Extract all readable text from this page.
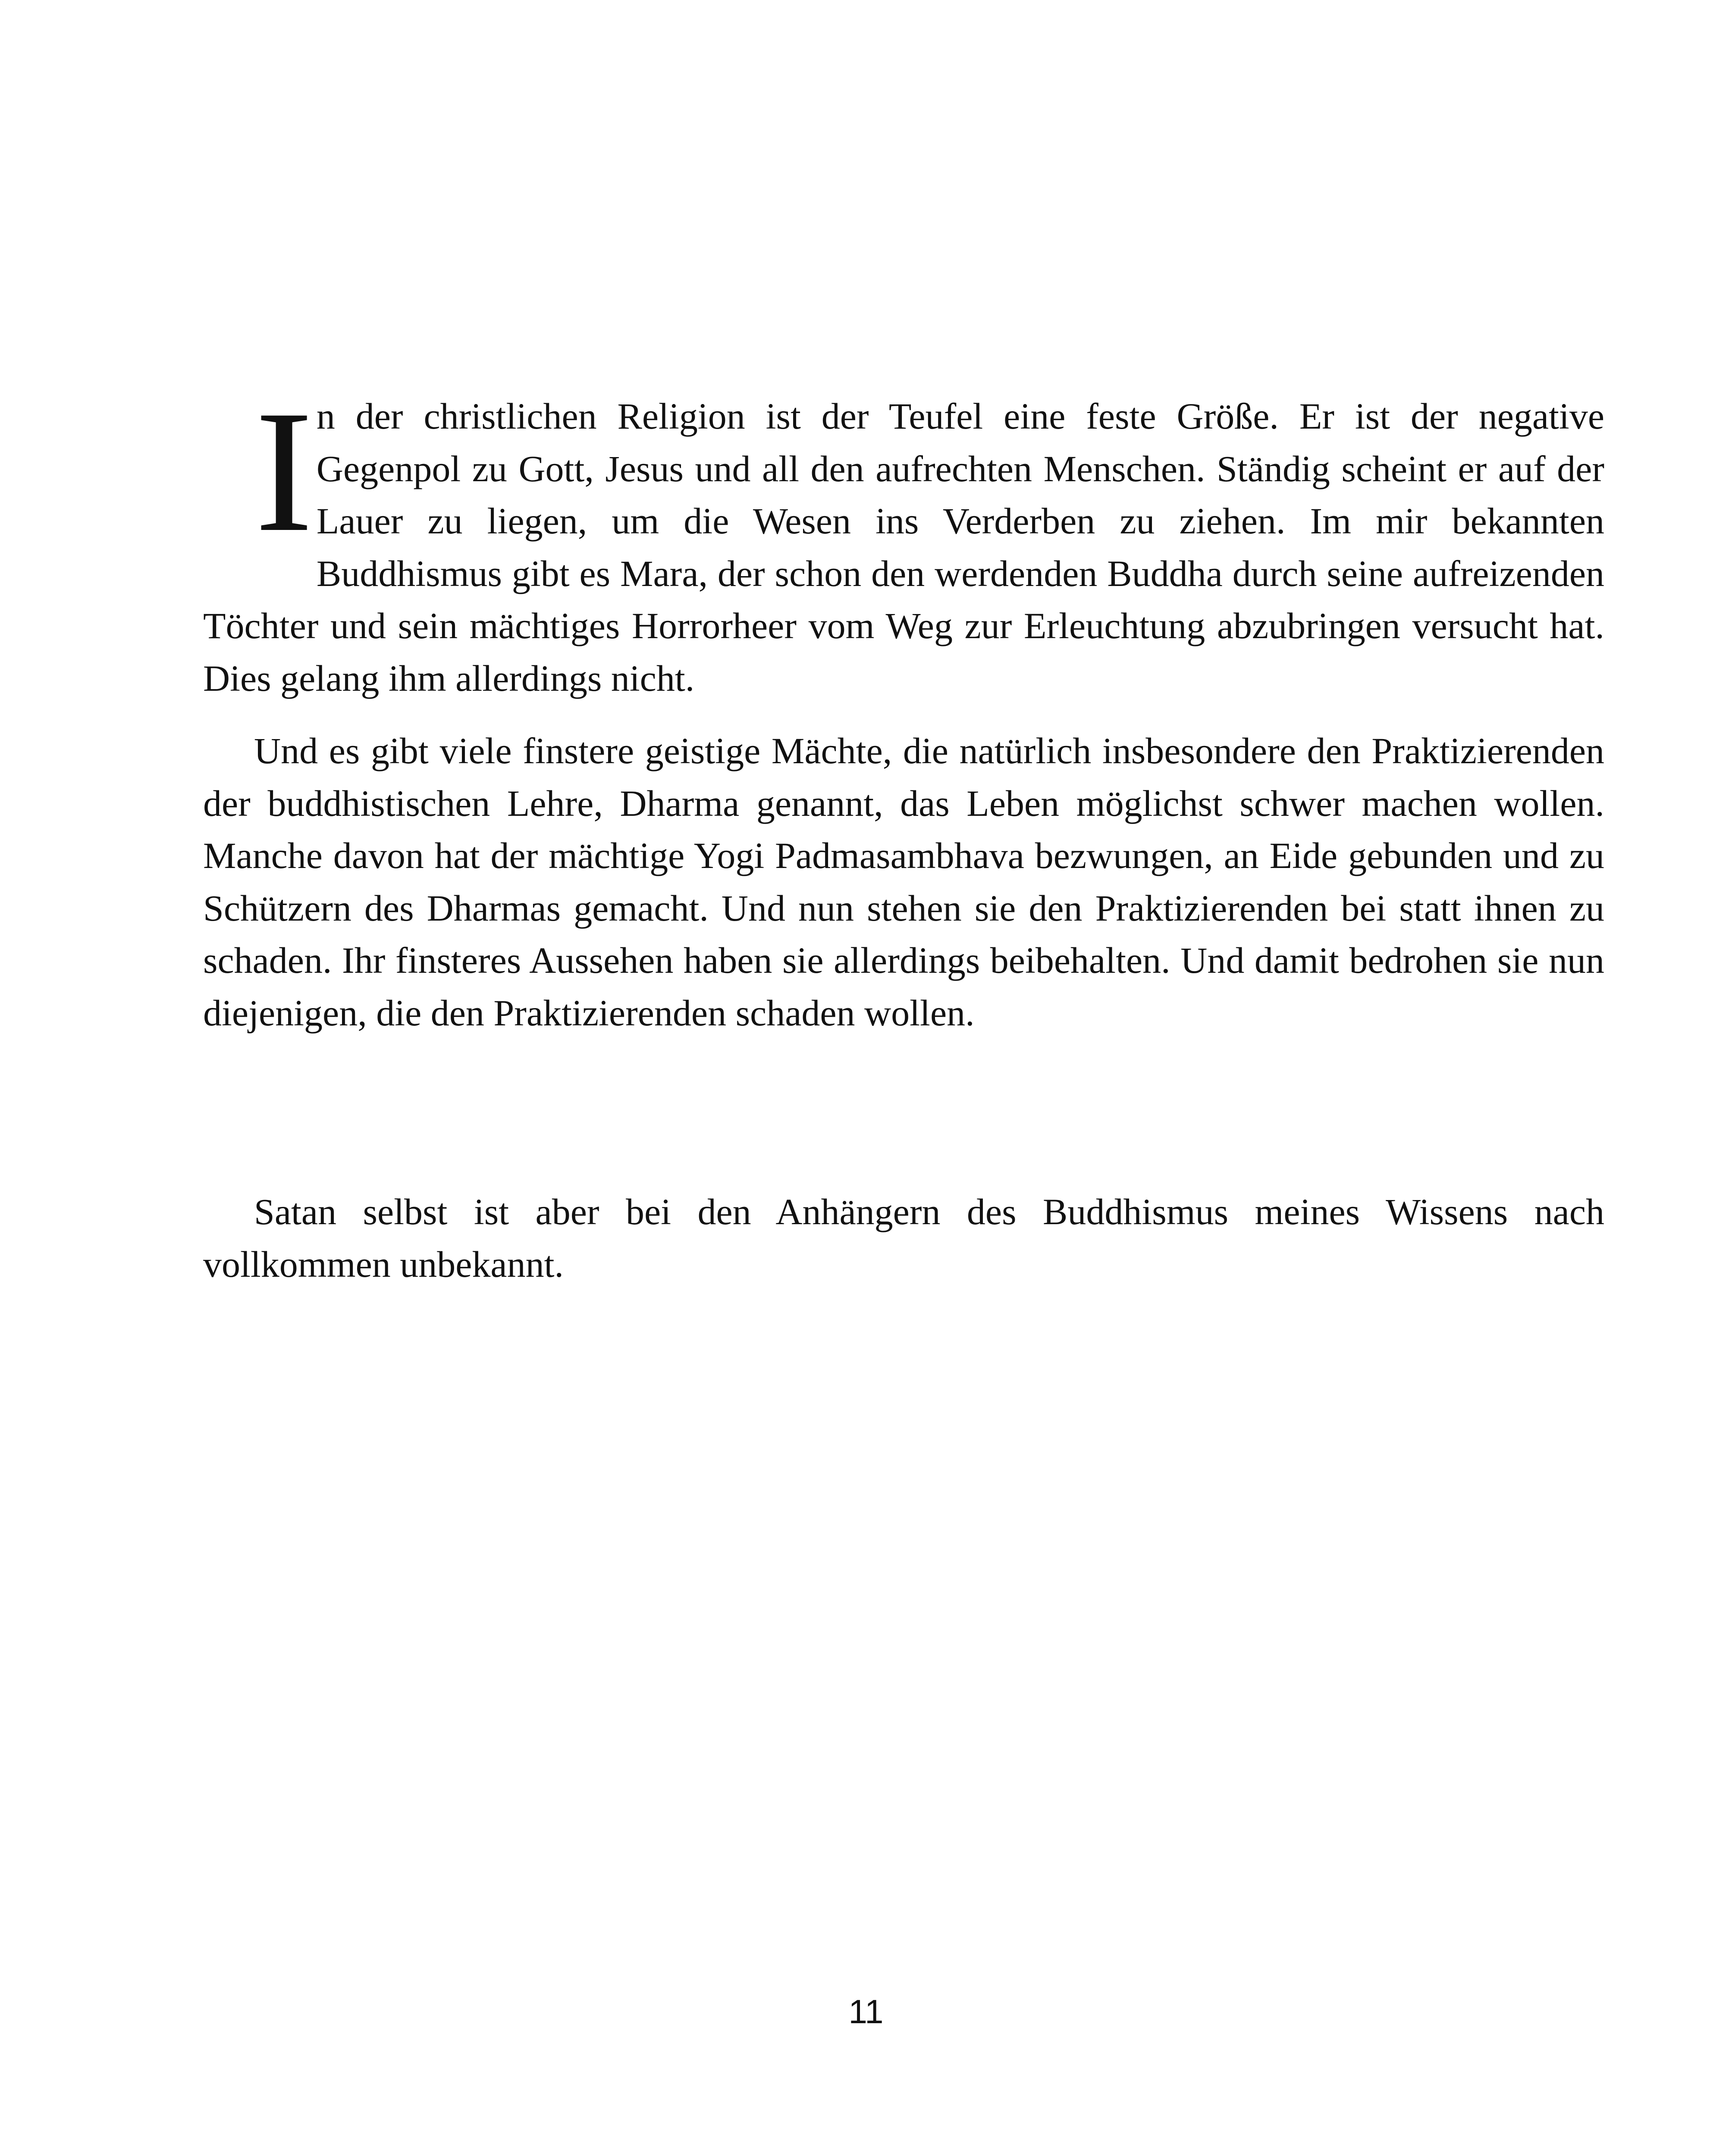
In der christlichen Religion ist der Teufel eine feste Größe. Er ist der negative Gegenpol zu Gott, Jesus und all den aufrechten Menschen. Ständig scheint er auf der Lauer zu liegen, um die Wesen ins Verderben zu ziehen. Im mir bekannten Buddhismus gibt es Mara, der schon den werdenden Buddha durch seine aufreizenden Töchter und sein mächtiges Horrorheer vom Weg zur Erleuchtung abzubringen versucht hat. Dies gelang ihm allerdings nicht.

Und es gibt viele finstere geistige Mächte, die natürlich insbesondere den Praktizierenden der buddhistischen Lehre, Dharma genannt, das Leben möglichst schwer machen wollen. Manche davon hat der mächtige Yogi Padmasambhava bezwungen, an Eide gebunden und zu Schützern des Dharmas gemacht. Und nun stehen sie den Praktizierenden bei statt ihnen zu schaden. Ihr finsteres Aussehen haben sie allerdings beibehalten. Und damit bedrohen sie nun diejenigen, die den Praktizierenden schaden wollen.

Satan selbst ist aber bei den Anhängern des Buddhismus meines Wissens nach vollkommen unbekannt.

11
